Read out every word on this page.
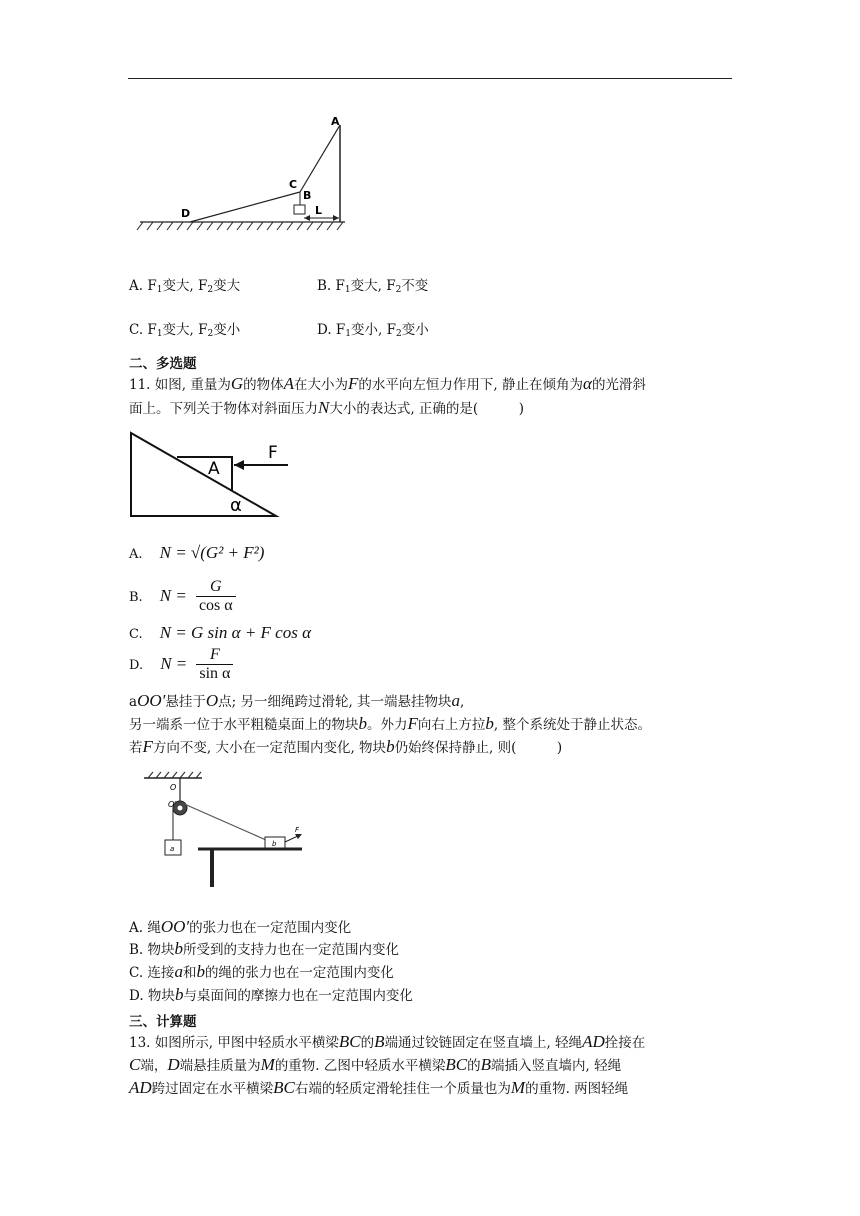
A
C
B
D	L
A. $F_1$变大, $F_2$变大	B. $F_1$变大, $F_2$不变
C. $F_1$变大, $F_2$变小	D. $F_1$变小, $F_2$变小
二、多选题
11. 如图, 重量为G的物体A在大小为F的水平向左恒力作用下, 静止在倾角为α的光滑斜
面上。下列关于物体对斜面压力N大小的表达式, 正确的是(　　　)
A
F
α
A. N = √(G² + F²)
B. $N = \frac{G}{\text{cos α}}$
C. N = G sin α + F cos α
D. $N = \frac{F}{\text{sin α}}$
aOO′悬挂于O点; 另一细绳跨过滑轮, 其一端悬挂物块a,
另一端系一位于水平粗糙桌面上的物块b。外力F向右上方拉b, 整个系统处于静止状态。
若F方向不变, 大小在一定范围内变化, 物块b仍始终保持静止, 则(　　　)
O
O′
a
b
F
A. 绳OO′的张力也在一定范围内变化
B. 物块b所受到的支持力也在一定范围内变化
C. 连接a和b的绳的张力也在一定范围内变化
D. 物块b与桌面间的摩擦力也在一定范围内变化
三、计算题
13. 如图所示, 甲图中轻质水平横梁BC的B端通过铰链固定在竖直墙上, 轻绳AD拴接在
C端，D端悬挂质量为M的重物. 乙图中轻质水平横梁BC的B端插入竖直墙内, 轻绳
AD跨过固定在水平横梁BC右端的轻质定滑轮挂住一个质量也为M的重物. 两图轻绳
